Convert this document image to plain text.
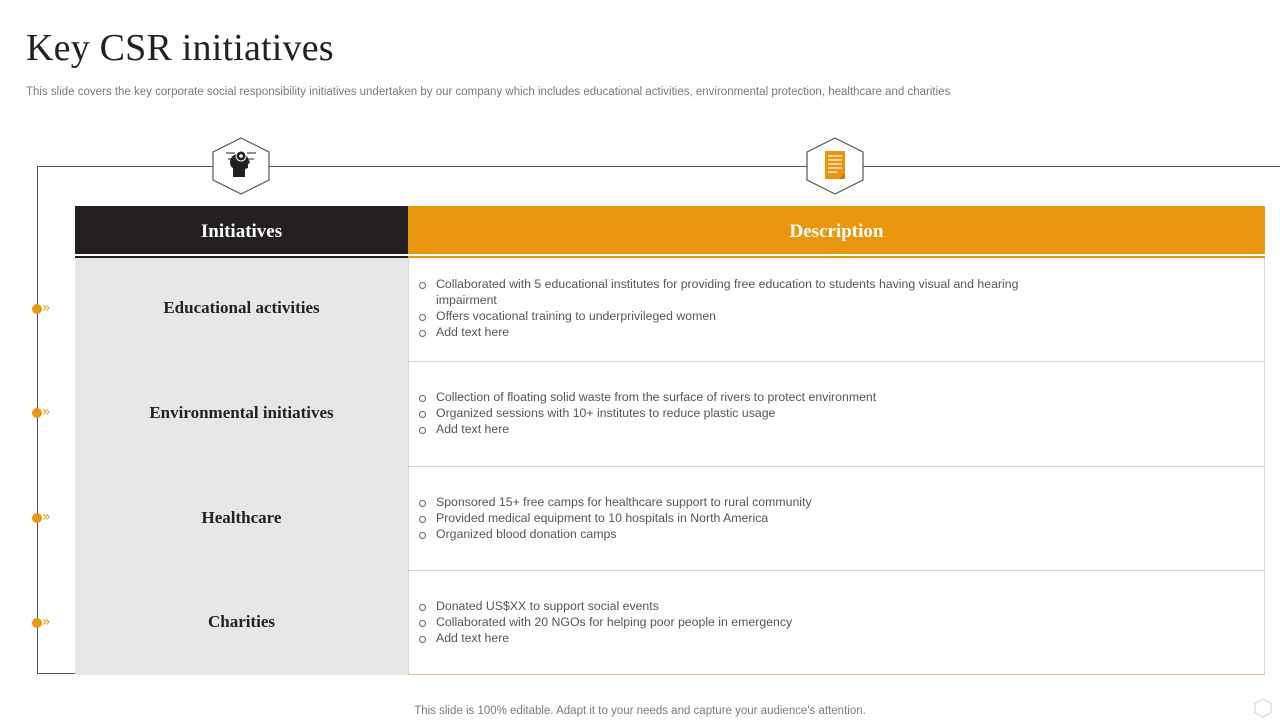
Key CSR initiatives

This slide covers the key corporate social responsibility initiatives undertaken by our company which includes educational activities, environmental protection, healthcare and charities

»
»
»
»
Initiatives	Description
Educational activities
Collaborated with 5 educational institutes for providing free education to students having visual and hearing impairment
Offers vocational training to underprivileged women
Add text here
Environmental initiatives
Collection of floating solid waste from the surface of rivers to protect environment
Organized sessions with 10+ institutes to reduce plastic usage
Add text here
Healthcare
Sponsored 15+ free camps for healthcare support to rural community
Provided medical equipment to 10 hospitals in North America
Organized blood donation camps
Charities
Donated US$XX to support social events
Collaborated with 20 NGOs for helping poor people in emergency
Add text here
This slide is 100% editable. Adapt it to your needs and capture your audience's attention.
